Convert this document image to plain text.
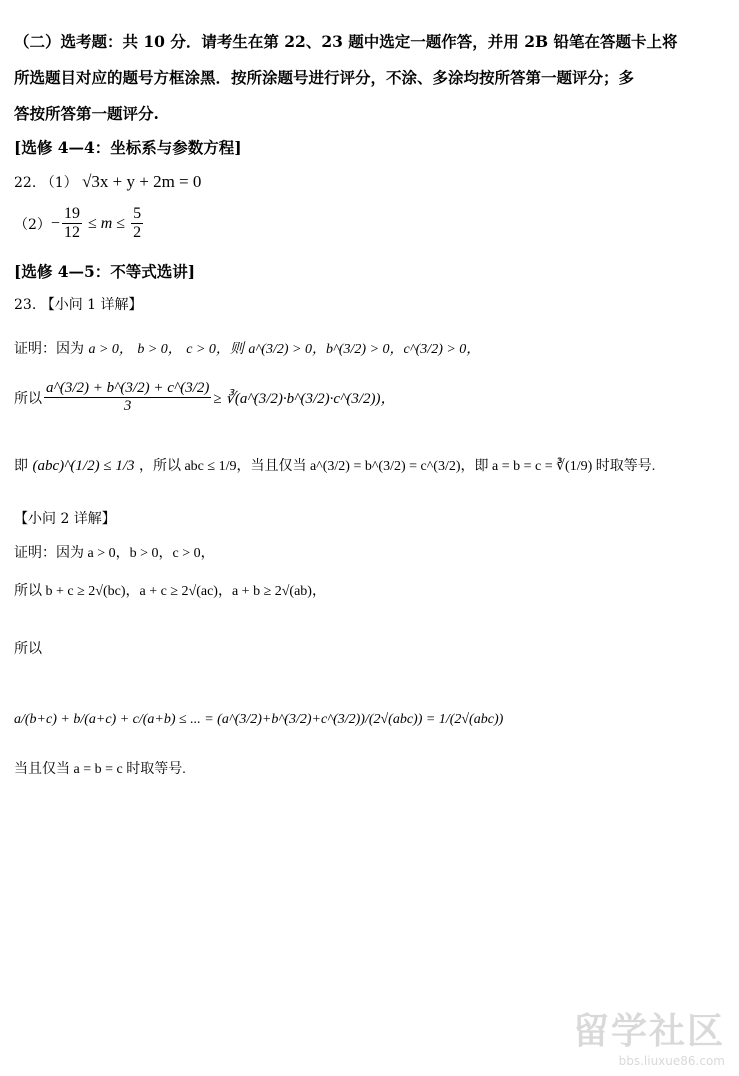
（二）选考题：共 10 分．请考生在第 22、23 题中选定一题作答，并用 2B 铅笔在答题卡上将
所选题目对应的题号方框涂黑．按所涂题号进行评分，不涂、多涂均按所答第一题评分；多
答按所答第一题评分.
[选修 4—4：坐标系与参数方程]
22. （1） √3x + y + 2m = 0
$(2) - \frac{19}{12} \le m \le \frac{5}{2}$
[选修 4—5：不等式选讲]
23. 【小问 1 详解】
证明：因为 a > 0， b > 0， c > 0，则 a^(3/2) > 0，b^(3/2) > 0，c^(3/2) > 0，
所以 $\frac{a\^{}(3/2) + b\^{}(3/2) + c\^{}(3/2)}{3}$ ≥ ∛(a^(3/2)·b^(3/2)·c^(3/2))，
即 (abc)^(1/2) ≤ 1/3 ，所以 abc ≤ 1/9，当且仅当 a^(3/2) = b^(3/2) = c^(3/2)，即 a = b = c = ∛(1/9) 时取等号.
【小问 2 详解】
证明：因为 a > 0，b > 0，c > 0，
所以 b + c ≥ 2√(bc)，a + c ≥ 2√(ac)，a + b ≥ 2√(ab)，
所以
a/(b+c) + b/(a+c) + c/(a+b) ≤ ... = (a^(3/2)+b^(3/2)+c^(3/2))/(2√(abc)) = 1/(2√(abc))
当且仅当 a = b = c 时取等号.
留学社区
bbs.liuxue86.com
